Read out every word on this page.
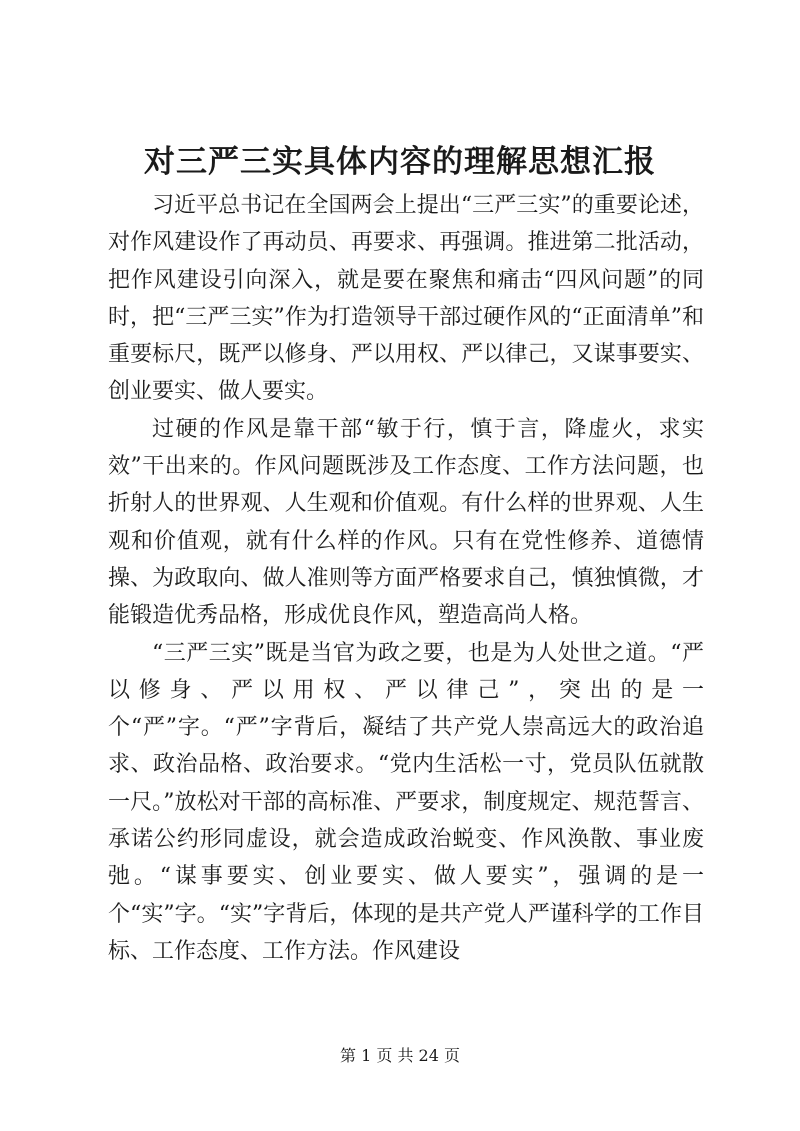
对三严三实具体内容的理解思想汇报

习近平总书记在全国两会上提出“三严三实”的重要论述，对作风建设作了再动员、再要求、再强调。推进第二批活动，把作风建设引向深入，就是要在聚焦和痛击“四风问题”的同时，把“三严三实”作为打造领导干部过硬作风的“正面清单”和重要标尺，既严以修身、严以用权、严以律己，又谋事要实、创业要实、做人要实。

过硬的作风是靠干部“敏于行，慎于言，降虚火，求实效”干出来的。作风问题既涉及工作态度、工作方法问题，也折射人的世界观、人生观和价值观。有什么样的世界观、人生观和价值观，就有什么样的作风。只有在党性修养、道德情操、为政取向、做人准则等方面严格要求自己，慎独慎微，才能锻造优秀品格，形成优良作风，塑造高尚人格。

“三严三实”既是当官为政之要，也是为人处世之道。“严以修身、严以用权、严以律己”，突出的是一个“严”字。“严”字背后，凝结了共产党人崇高远大的政治追求、政治品格、政治要求。“党内生活松一寸，党员队伍就散一尺。”放松对干部的高标准、严要求，制度规定、规范誓言、承诺公约形同虚设，就会造成政治蜕变、作风涣散、事业废弛。“谋事要实、创业要实、做人要实”，强调的是一个“实”字。“实”字背后，体现的是共产党人严谨科学的工作目标、工作态度、工作方法。作风建设

第 1 页 共 24 页
